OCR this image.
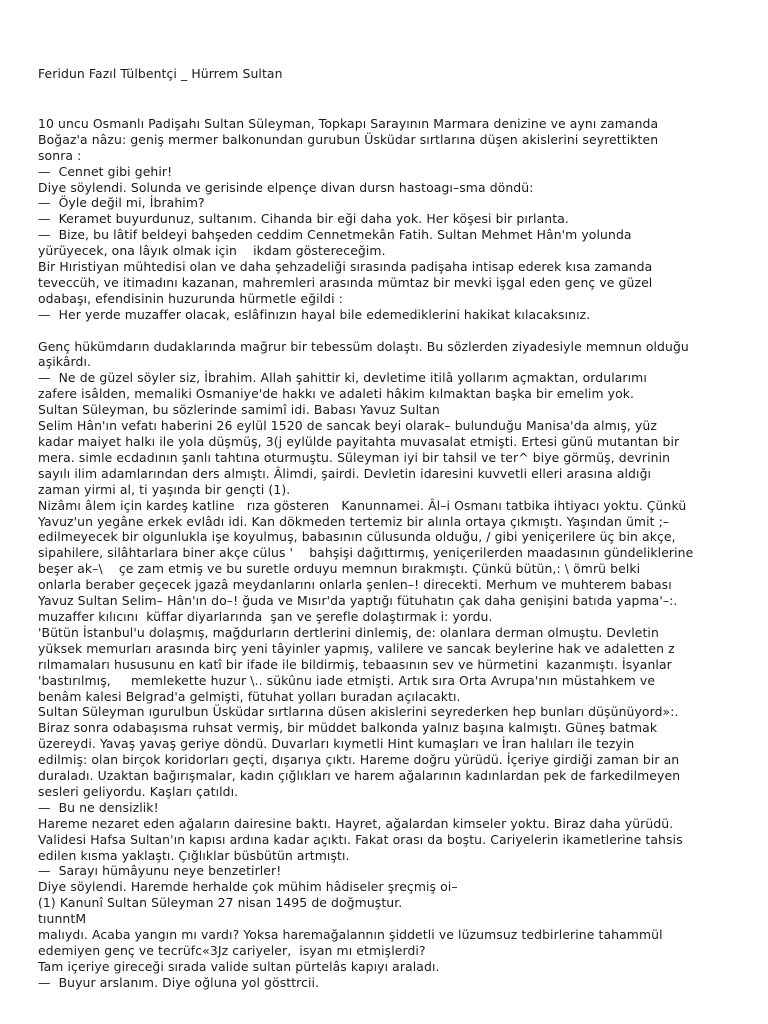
Feridun Fazıl Tülbentçi _ Hürrem Sultan
10 uncu Osmanlı Padişahı Sultan Süleyman, Topkapı Sarayının Marmara denizine ve aynı zamanda
Boğaz'a nâzu: geniş mermer balkonundan gurubun Üsküdar sırtlarına düşen akislerini seyrettikten
sonra :
—  Cennet gibi gehir!
Diye söylendi. Solunda ve gerisinde elpençe divan dursn hastoagı–sma döndü:
—  Öyle değil mi, İbrahim?
—  Keramet buyurdunuz, sultanım. Cihanda bir eği daha yok. Her köşesi bir pırlanta.
—  Bize, bu lâtif beldeyi bahşeden ceddim Cennetmekân Fatih. Sultan Mehmet Hân'm yolunda
yürüyecek, ona lâyık olmak için    ikdam göstereceğim.
Bir Hıristiyan mühtedisi olan ve daha şehzadeliği sırasında padişaha intisap ederek kısa zamanda
teveccüh, ve itimadını kazanan, mahremleri arasında mümtaz bir mevki işgal eden genç ve güzel
odabaşı, efendisinin huzurunda hürmetle eğildi :
—  Her yerde muzaffer olacak, eslâfinızın hayal bile edemediklerini hakikat kılacaksınız.
Genç hükümdarın dudaklarında mağrur bir tebessüm dolaştı. Bu sözlerden ziyadesiyle memnun olduğu
aşikârdı.
—  Ne de güzel söyler siz, İbrahim. Allah şahittir ki, devletime itilâ yollarım açmaktan, ordularımı
zafere isâlden, memaliki Osmaniye'de hakkı ve adaleti hâkim kılmaktan başka bir emelim yok.
Sultan Süleyman, bu sözlerinde samimî idi. Babası Yavuz Sultan
Selim Hân'ın vefatı haberini 26 eylül 1520 de sancak beyi olarak– bulunduğu Manisa'da almış, yüz
kadar maiyet halkı ile yola düşmüş, 3(j eylülde payitahta muvasalat etmişti. Ertesi günü mutantan bir
mera. simle ecdadının şanlı tahtına oturmuştu. Süleyman iyi bir tahsil ve ter^ biye görmüş, devrinin
sayılı ilim adamlarından ders almıştı. Âlimdi, şairdi. Devletin idaresini kuvvetli elleri arasına aldığı
zaman yirmi al, ti yaşında bir gençti (1).
Nizâmı âlem için kardeş katline   rıza gösteren   Kanunnamei. Âl–i Osmanı tatbika ihtiyacı yoktu. Çünkü
Yavuz'un yegâne erkek evlâdı idi. Kan dökmeden tertemiz bir alınla ortaya çıkmıştı. Yaşından ümit ;–
edilmeyecek bir olgunlukla işe koyulmuş, babasının cülusunda olduğu, / gibi yeniçerilere üç bin akçe,
sipahilere, silâhtarlara biner akçe cülus '    bahşişi dağıttırmış, yeniçerilerden maadasının gündeliklerine
beşer ak–\    çe zam etmiş ve bu suretle orduyu memnun bırakmıştı. Çünkü bütün,: \ ömrü belki
onlarla beraber geçecek jgazâ meydanlarını onlarla şenlen–! direcekti. Merhum ve muhterem babası
Yavuz Sultan Selim– Hân'ın do–! ğuda ve Mısır'da yaptığı fütuhatın çak daha genişini batıda yapma'–:.
muzaffer kılıcını  küffar diyarlarında  şan ve şerefle dolaştırmak i: yordu.
'Bütün İstanbul'u dolaşmış, mağdurların dertlerini dinlemiş, de: olanlara derman olmuştu. Devletin
yüksek memurları arasında birç yeni tâyinler yapmış, valilere ve sancak beylerine hak ve adaletten z
rılmamaları hususunu en katî bir ifade ile bildirmiş, tebaasının sev ve hürmetini  kazanmıştı. İsyanlar
'bastırılmış,     memlekette huzur \.. sükûnu iade etmişti. Artık sıra Orta Avrupa'nın müstahkem ve
benâm kalesi Belgrad'a gelmişti, fütuhat yolları buradan açılacaktı.
Sultan Süleyman ıgurulbun Üsküdar sırtlarına düsen akislerini seyrederken hep bunları düşünüyord»:.
Biraz sonra odabaşısma ruhsat vermiş, bir müddet balkonda yalnız başına kalmıştı. Güneş batmak
üzereydi. Yavaş yavaş geriye döndü. Duvarları kıymetli Hint kumaşları ve İran halıları ile tezyin
edilmiş: olan birçok koridorları geçti, dışarıya çıktı. Hareme doğru yürüdü. İçeriye girdiği zaman bir an
duraladı. Uzaktan bağırışmalar, kadın çığlıkları ve harem ağalarının kadınlardan pek de farkedilmeyen
sesleri geliyordu. Kaşları çatıldı.
—  Bu ne densizlik!
Hareme nezaret eden ağaların dairesine baktı. Hayret, ağalardan kimseler yoktu. Biraz daha yürüdü.
Validesi Hafsa Sultan'ın kapısı ardına kadar açıktı. Fakat orası da boştu. Cariyelerin ikametlerine tahsis
edilen kısma yaklaştı. Çığlıklar büsbütün artmıştı.
—  Sarayı hümâyunu neye benzetirler!
Diye söylendi. Haremde herhalde çok mühim hâdiseler şreçmiş oi–
(1) Kanunî Sultan Süleyman 27 nisan 1495 de doğmuştur.
tıunntM
malıydı. Acaba yangın mı vardı? Yoksa haremağalannın şiddetli ve lüzumsuz tedbirlerine tahammül
edemiyen genç ve tecrüfc«3Jz cariyeler,  isyan mı etmişlerdi?
Tam içeriye gireceği sırada valide sultan pürtelâs kapıyı araladı.
—  Buyur arslanım. Diye oğluna yol gösttrcii.
